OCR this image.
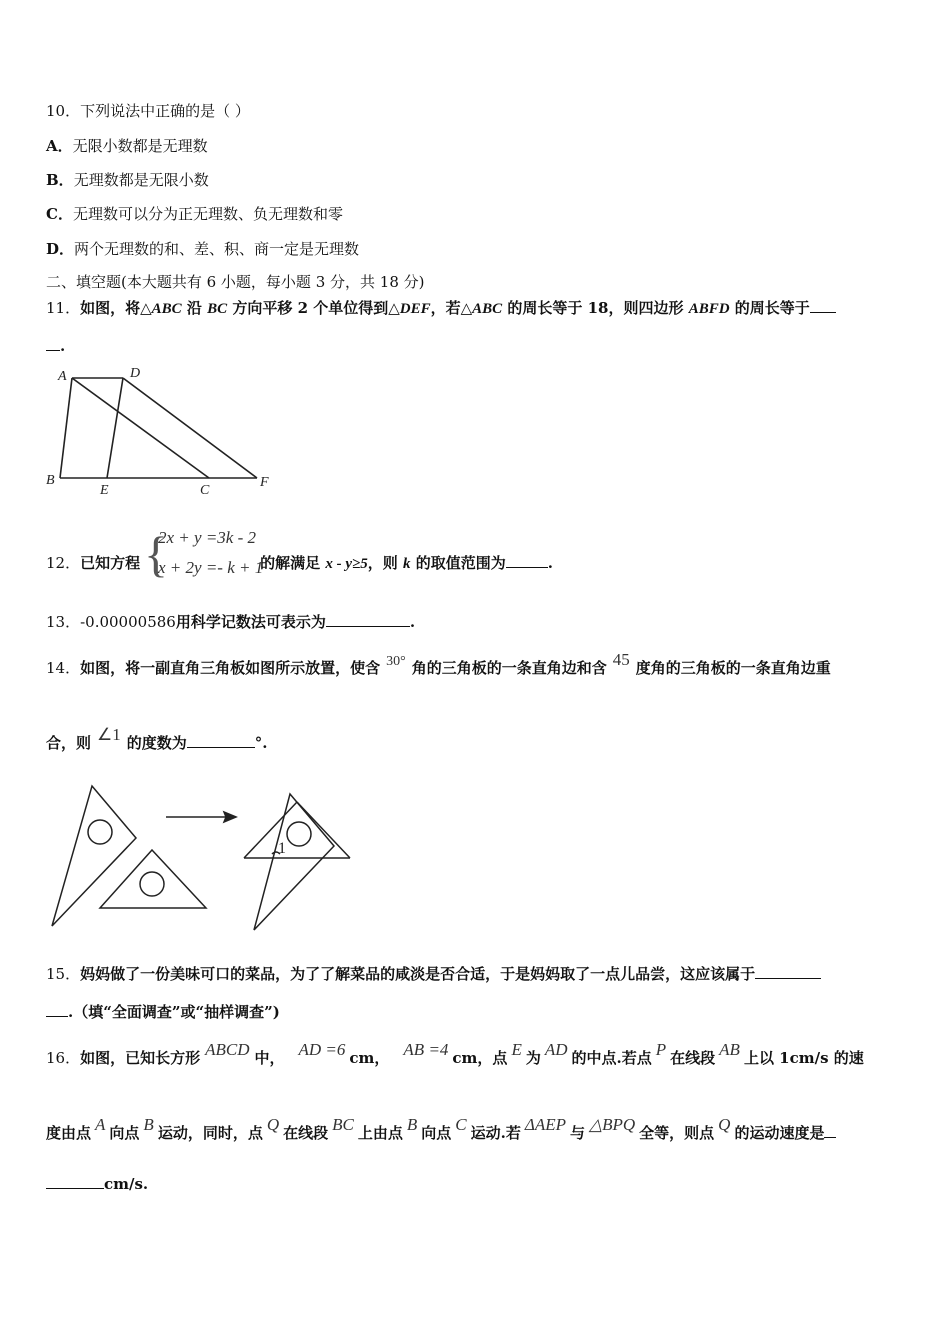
10．下列说法中正确的是（ ）
A．无限小数都是无理数
B．无理数都是无限小数
C．无理数可以分为正无理数、负无理数和零
D．两个无理数的和、差、积、商一定是无理数
二、填空题(本大题共有 6 小题，每小题 3 分，共 18 分)
11．如图，将△ABC 沿 BC 方向平移 2 个单位得到△DEF，若△ABC 的周长等于 18，则四边形 ABFD 的周长等于
.
A	D
B
E	C
F
{
2x + y =3k - 2
x + 2y =- k + 1
12．已知方程	的解满足 x - y≥5，则 k 的取值范围为	.
13．-0.00000586用科学记数法可表示为	.
14．如图，将一副直角三角板如图所示放置，使含 30° 角的三角板的一条直角边和含 45 度角的三角板的一条直角边重
合，则 ∠1 的度数为	°.
1
15．妈妈做了一份美味可口的菜品，为了了解菜品的咸淡是否合适，于是妈妈取了一点儿品尝，这应该属于
.（填“全面调查”或“抽样调查”)
16．如图，已知长方形 ABCD 中， AD =6 cm， AB =4 cm，点 E 为 AD 的中点.若点 P 在线段 AB 上以 1cm/s 的速
度由点 A 向点 B 运动，同时，点 Q 在线段 BC 上由点 B 向点 C 运动.若 ΔAEP 与 △BPQ 全等，则点 Q 的运动速度是
cm/s.
